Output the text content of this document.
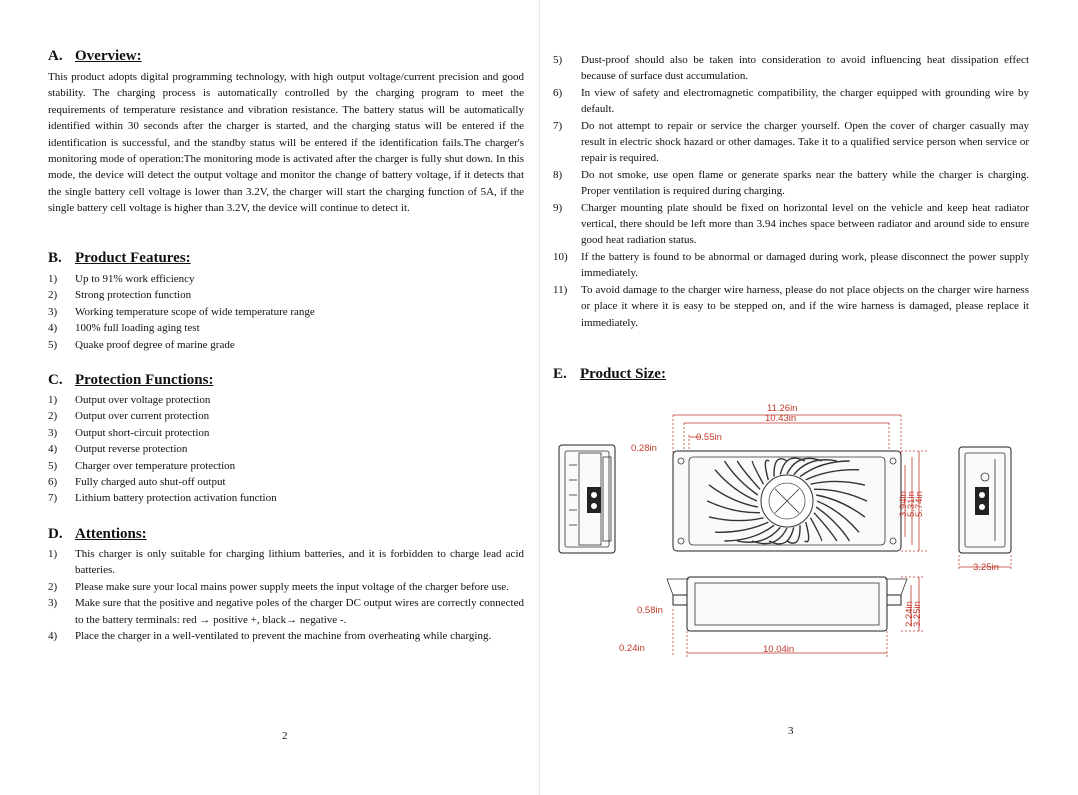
A. Overview:
This product adopts digital programming technology, with high output voltage/current precision and good stability. The charging process is automatically controlled by the charging program to meet the requirements of temperature resistance and vibration resistance. The battery status will be automatically identified within 30 seconds after the charger is started, and the charging status will be entered if the identification is successful, and the standby status will be entered if the identification fails.The charger's monitoring mode of operation:The monitoring mode is activated after the charger is fully shut down. In this mode, the device will detect the output voltage and monitor the change of battery voltage, if it detects that the single battery cell voltage is lower than 3.2V, the charger will start the charging function of 5A, if the single battery cell voltage is higher than 3.2V, the device will continue to detect it.
B. Product Features:
1) Up to 91% work efficiency
2) Strong protection function
3) Working temperature scope of wide temperature range
4) 100% full loading aging test
5) Quake proof degree of marine grade
C. Protection Functions:
1) Output over voltage protection
2) Output over current protection
3) Output short-circuit protection
4) Output reverse protection
5) Charger over temperature protection
6) Fully charged auto shut-off output
7) Lithium battery protection activation function
D. Attentions:
1) This charger is only suitable for charging lithium batteries, and it is forbidden to charge lead acid batteries.
2) Please make sure your local mains power supply meets the input voltage of the charger before use.
3) Make sure that the positive and negative poles of the charger DC output wires are correctly connected to the battery terminals: red → positive +, black→ negative -.
4) Place the charger in a well-ventilated to prevent the machine from overheating while charging.
2
5) Dust-proof should also be taken into consideration to avoid influencing heat dissipation effect because of surface dust accumulation.
6) In view of safety and electromagnetic compatibility, the charger equipped with grounding wire by default.
7) Do not attempt to repair or service the charger yourself. Open the cover of charger casually may result in electric shock hazard or other damages. Take it to a qualified service person when service or repair is required.
8) Do not smoke, use open flame or generate sparks near the battery while the charger is charging. Proper ventilation is required during charging.
9) Charger mounting plate should be fixed on horizontal level on the vehicle and keep heat radiator vertical, there should be left more than 3.94 inches space between radiator and around side to ensure good heat radiation status.
10) If the battery is found to be abnormal or damaged during work, please disconnect the power supply immediately.
11) To avoid damage to the charger wire harness, please do not place objects on the charger wire harness or place it where it is easy to be stepped on, and if the wire harness is damaged, please replace it immediately.
E. Product Size:
11.26in
10.43in
0.28in
0.55in
3.94in
5.31in
5.74in
3.25in
0.58in
0.24in	10.04in
2.24in
3.25in
3
